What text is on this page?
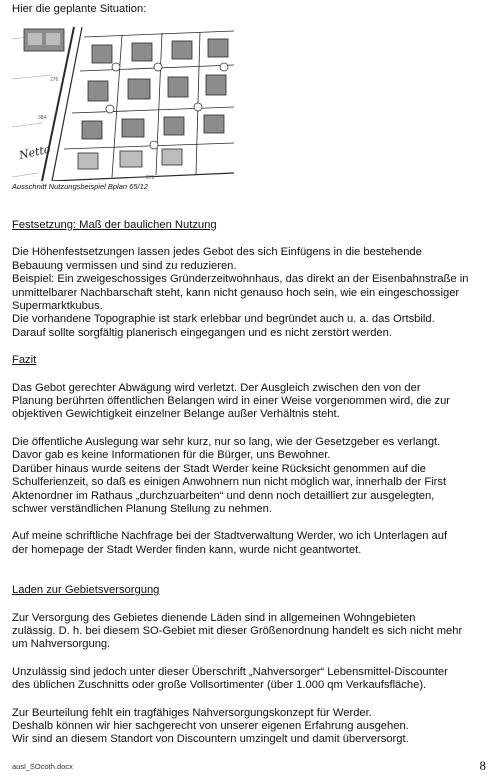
Hier die geplante Situation:
276
384
Netto
279
Ausschnitt Nutzungsbeispiel Bplan 65/12

Festsetzung: Maß der baulichen Nutzung

Die Höhenfestsetzungen lassen jedes Gebot des sich Einfügens in die bestehende

Bebauung vermissen und sind zu reduzieren.

Beispiel: Ein zweigeschossiges Gründerzeitwohnhaus, das direkt an der Eisenbahnstraße in

unmittelbarer Nachbarschaft steht, kann nicht genauso hoch sein, wie ein eingeschossiger

Supermarktkubus.

Die vorhandene Topographie ist stark erlebbar und begründet auch u. a. das Ortsbild.

Darauf sollte sorgfältig planerisch eingegangen und es nicht zerstört werden.

Fazit

Das Gebot gerechter Abwägung wird verletzt. Der Ausgleich zwischen den von der

Planung berührten öffentlichen Belangen wird in einer Weise vorgenommen wird, die zur

objektiven Gewichtigkeit einzelner Belange außer Verhältnis steht.

Die öffentliche Auslegung war sehr kurz, nur so lang, wie der Gesetzgeber es verlangt.

Davor gab es keine Informationen für die Bürger, uns Bewohner.

Darüber hinaus wurde seitens der Stadt Werder keine Rücksicht genommen auf die

Schulferienzeit, so daß es einigen Anwohnern nun nicht möglich war, innerhalb der First

Aktenordner im Rathaus „durchzuarbeiten“ und denn noch detailliert zur ausgelegten,

schwer verständlichen Planung Stellung zu nehmen.

Auf meine schriftliche Nachfrage bei der Stadtverwaltung Werder, wo ich Unterlagen auf

der homepage der Stadt Werder finden kann, wurde nicht geantwortet.

Laden zur Gebietsversorgung

Zur Versorgung des Gebietes dienende Läden sind in allgemeinen Wohngebieten

zulässig. D. h. bei diesem SO-Gebiet mit dieser Größenordnung handelt es sich nicht mehr

um Nahversorgung.

Unzulässig sind jedoch unter dieser Überschrift „Nahversorger“ Lebensmittel-Discounter

des üblichen Zuschnitts oder große Vollsortimenter (über 1.000 qm Verkaufsfläche).

Zur Beurteilung fehlt ein tragfähiges Nahversorgungskonzept für Werder.

Deshalb können wir hier sachgerecht von unserer eigenen Erfahrung ausgehen.

Wir sind an diesem Standort von Discountern umzingelt und damit überversorgt.

ausl_SOcoth.docx	8
